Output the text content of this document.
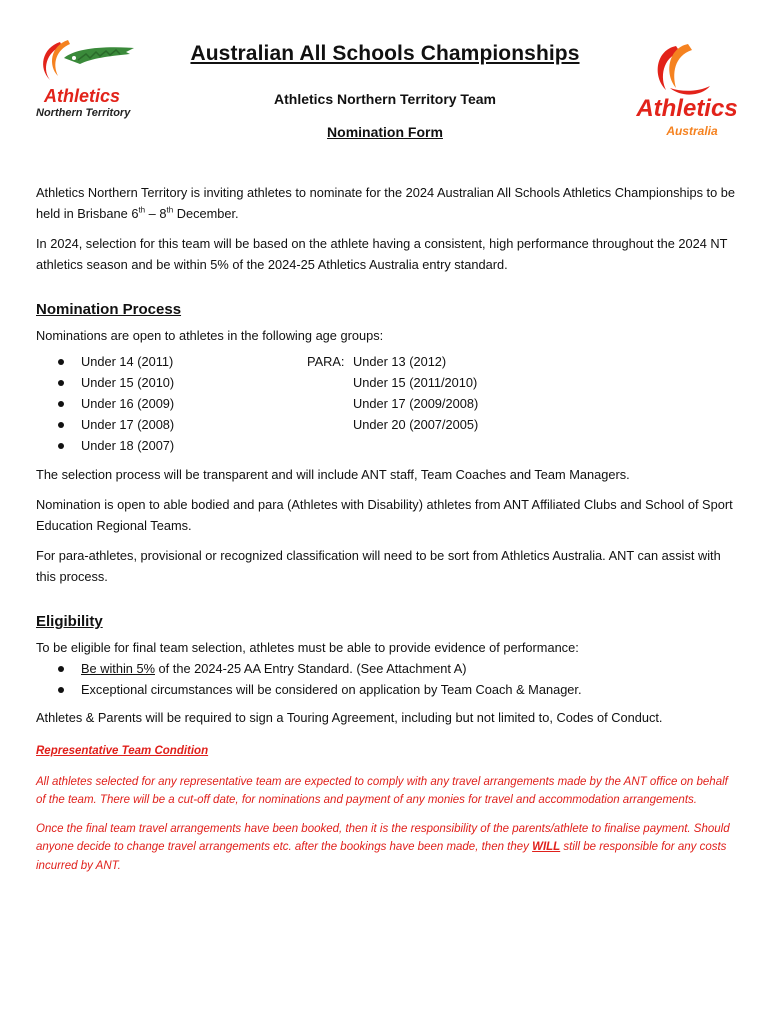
Athletics
Northern Territory	Athletics
Australia
Australian All Schools Championships
Athletics Northern Territory Team
Nomination Form

Athletics Northern Territory is inviting athletes to nominate for the 2024 Australian All Schools Athletics Championships to be held in Brisbane 6th – 8th December.

In 2024, selection for this team will be based on the athlete having a consistent, high performance throughout the 2024 NT athletics season and be within 5% of the 2024-25 Athletics Australia entry standard.

Nomination Process

Nominations are open to athletes in the following age groups:

Under 14 (2011)
Under 15 (2010)
Under 16 (2009)
Under 17 (2008)
Under 18 (2007)
PARA: Under 13 (2012)
Under 15 (2011/2010)
Under 17 (2009/2008)
Under 20 (2007/2005)

The selection process will be transparent and will include ANT staff, Team Coaches and Team Managers.

Nomination is open to able bodied and para (Athletes with Disability) athletes from ANT Affiliated Clubs and School of Sport Education Regional Teams.

For para-athletes, provisional or recognized classification will need to be sort from Athletics Australia. ANT can assist with this process.

Eligibility

To be eligible for final team selection, athletes must be able to provide evidence of performance:

Be within 5% of the 2024-25 AA Entry Standard. (See Attachment A)
Exceptional circumstances will be considered on application by Team Coach & Manager.

Athletes & Parents will be required to sign a Touring Agreement, including but not limited to, Codes of Conduct.

Representative Team Condition

All athletes selected for any representative team are expected to comply with any travel arrangements made by the ANT office on behalf of the team. There will be a cut-off date, for nominations and payment of any monies for travel and accommodation arrangements.

Once the final team travel arrangements have been booked, then it is the responsibility of the parents/athlete to finalise payment. Should anyone decide to change travel arrangements etc. after the bookings have been made, then they WILL still be responsible for any costs incurred by ANT.
